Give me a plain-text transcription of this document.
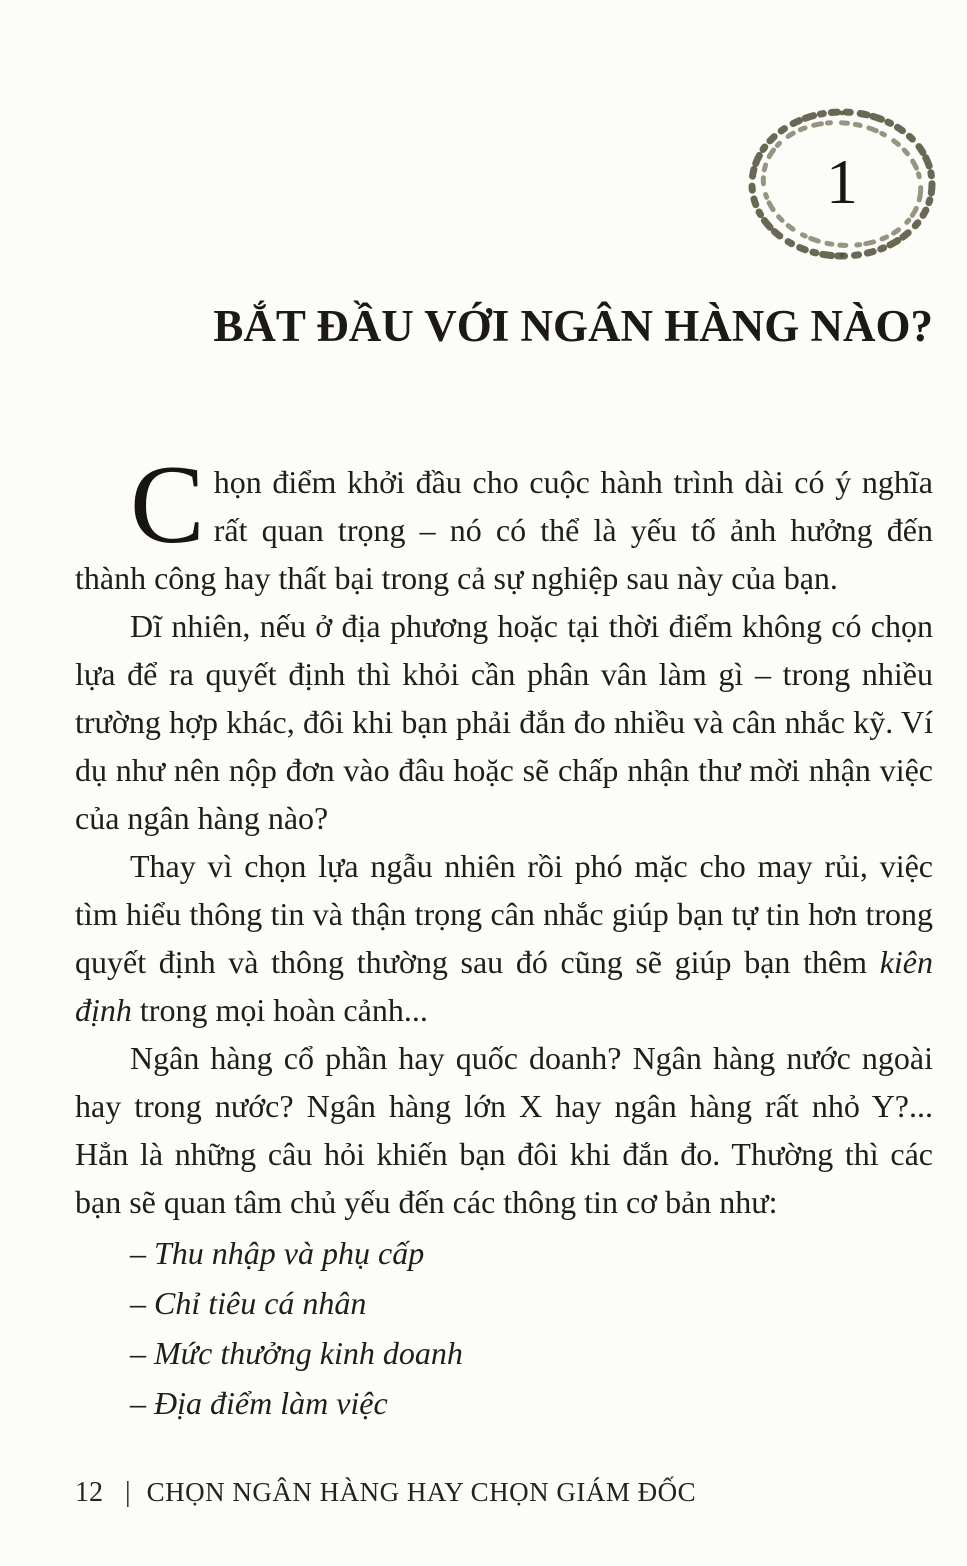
1
BẮT ĐẦU VỚI NGÂN HÀNG NÀO?

Chọn điểm khởi đầu cho cuộc hành trình dài có ý nghĩa rất quan trọng – nó có thể là yếu tố ảnh hưởng đến thành công hay thất bại trong cả sự nghiệp sau này của bạn.

Dĩ nhiên, nếu ở địa phương hoặc tại thời điểm không có chọn lựa để ra quyết định thì khỏi cần phân vân làm gì – trong nhiều trường hợp khác, đôi khi bạn phải đắn đo nhiều và cân nhắc kỹ. Ví dụ như nên nộp đơn vào đâu hoặc sẽ chấp nhận thư mời nhận việc của ngân hàng nào?

Thay vì chọn lựa ngẫu nhiên rồi phó mặc cho may rủi, việc tìm hiểu thông tin và thận trọng cân nhắc giúp bạn tự tin hơn trong quyết định và thông thường sau đó cũng sẽ giúp bạn thêm kiên định trong mọi hoàn cảnh...

Ngân hàng cổ phần hay quốc doanh? Ngân hàng nước ngoài hay trong nước? Ngân hàng lớn X hay ngân hàng rất nhỏ Y?... Hẳn là những câu hỏi khiến bạn đôi khi đắn đo. Thường thì các bạn sẽ quan tâm chủ yếu đến các thông tin cơ bản như:

– Thu nhập và phụ cấp
– Chỉ tiêu cá nhân
– Mức thưởng kinh doanh
– Địa điểm làm việc
12 | CHỌN NGÂN HÀNG HAY CHỌN GIÁM ĐỐC
